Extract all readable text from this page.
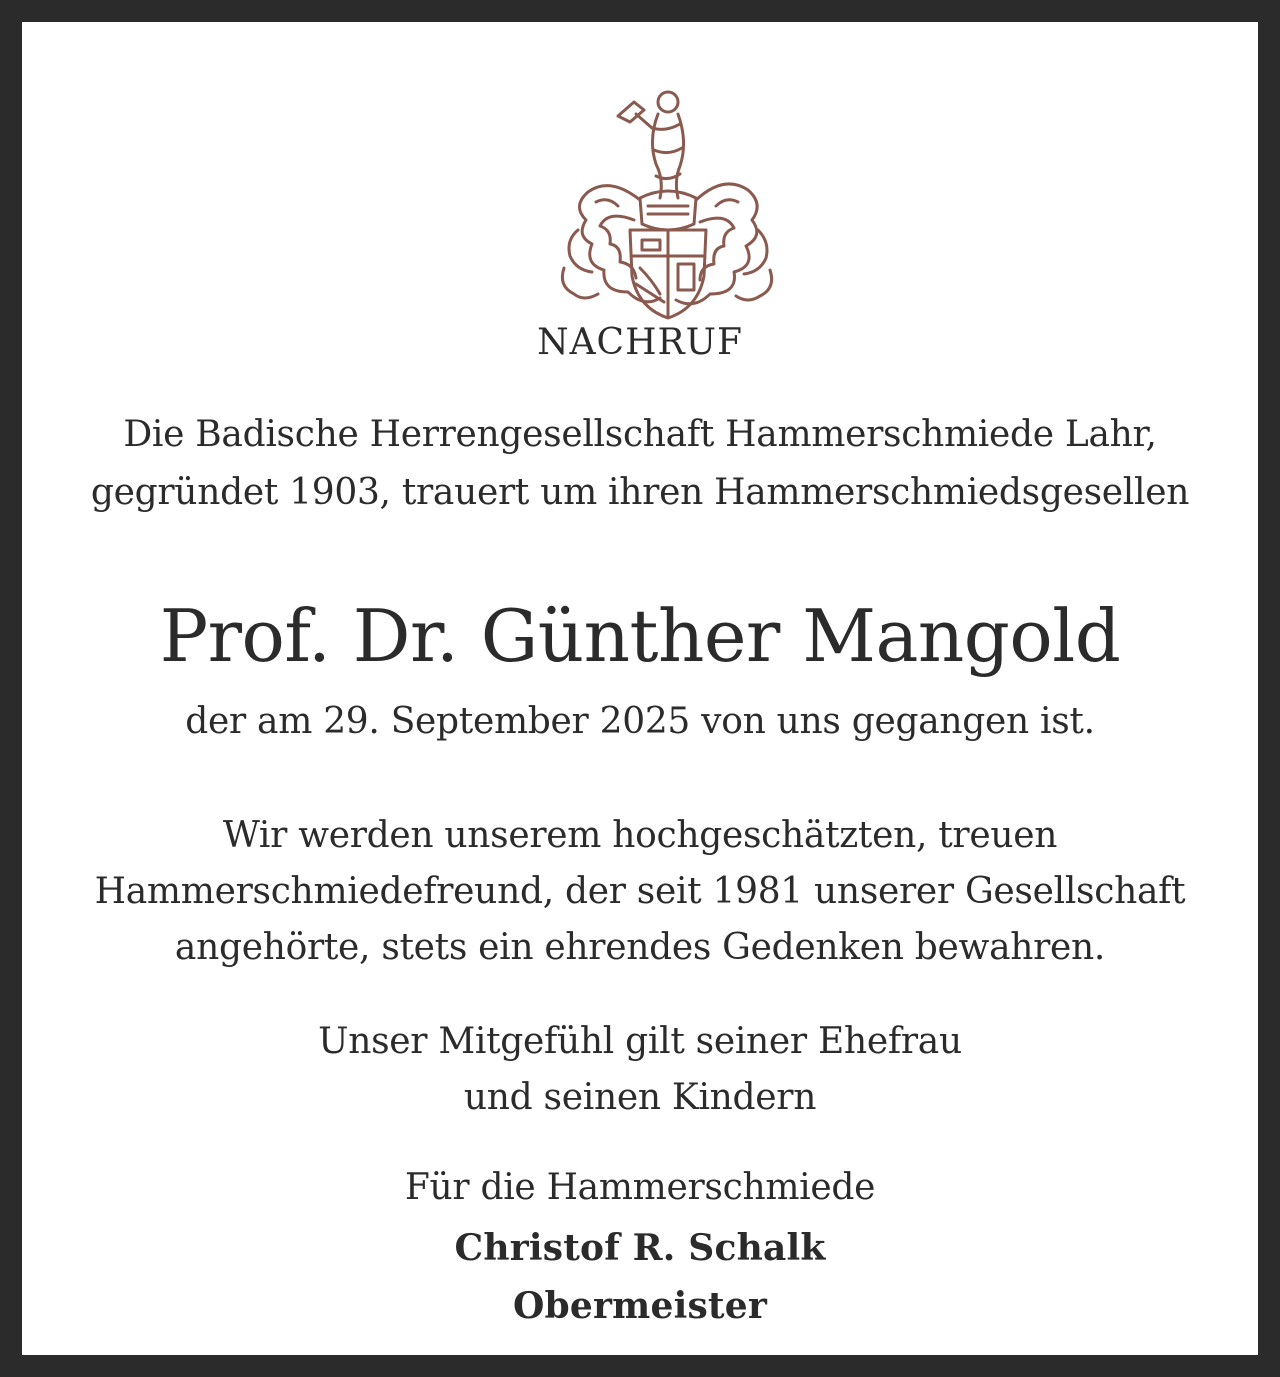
NACHRUF
Die Badische Herrengesellschaft Hammerschmiede Lahr,
gegründet 1903, trauert um ihren Hammerschmiedsgesellen
Prof. Dr. Günther Mangold
der am 29. September 2025 von uns gegangen ist.
Wir werden unserem hochgeschätzten, treuen
Hammerschmiedefreund, der seit 1981 unserer Gesellschaft
angehörte, stets ein ehrendes Gedenken bewahren.
Unser Mitgefühl gilt seiner Ehefrau
und seinen Kindern
Für die Hammerschmiede
Christof R. Schalk
Obermeister
